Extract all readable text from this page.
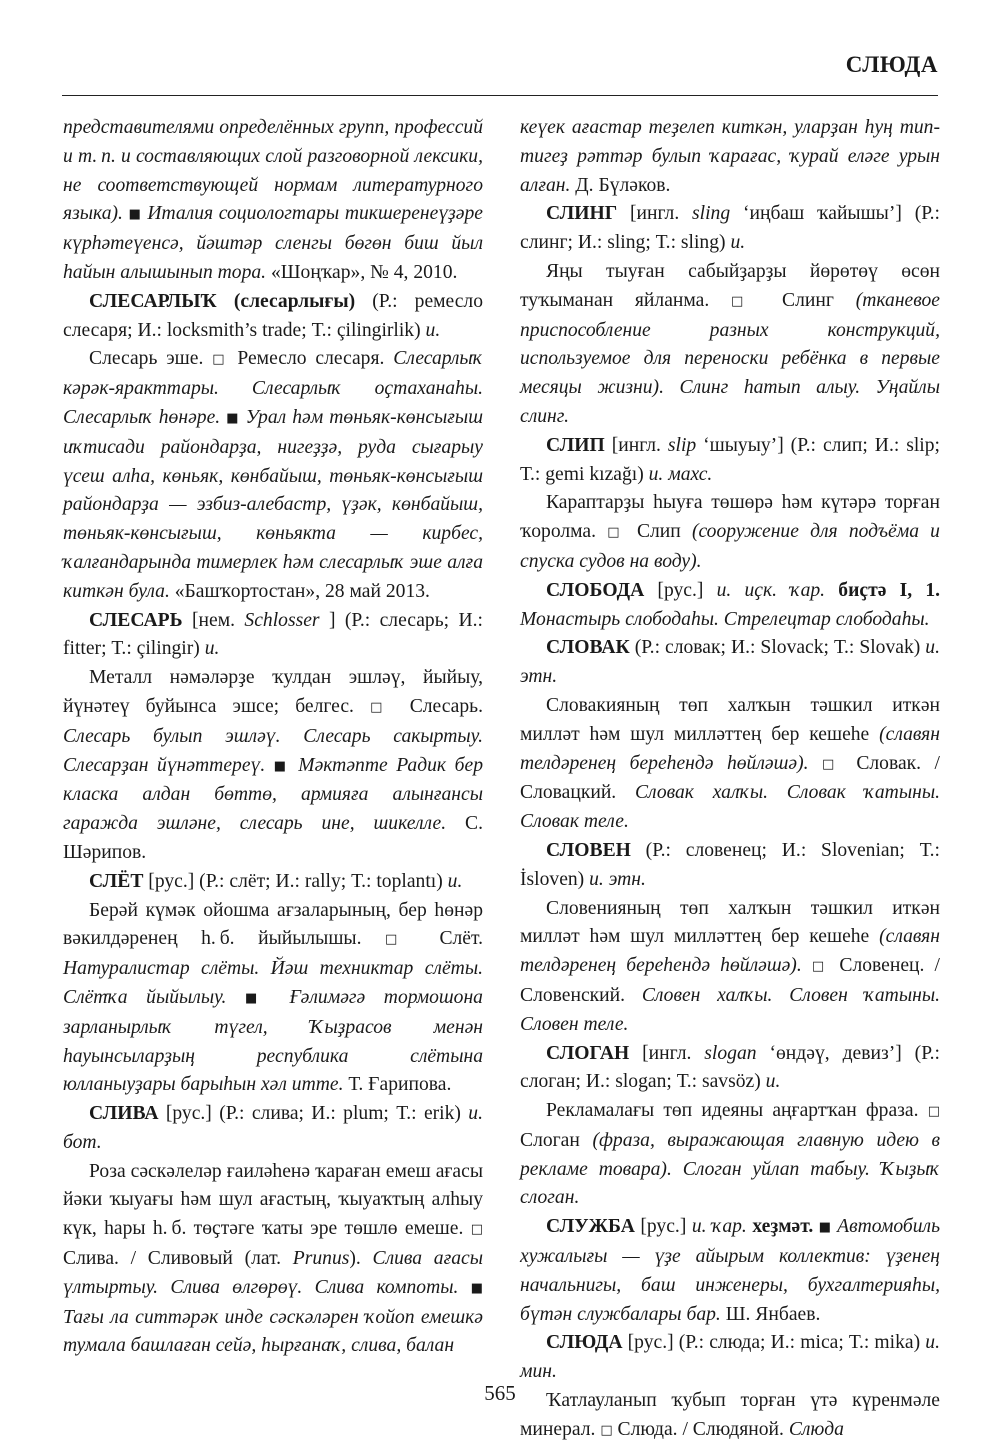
СЛЮДА

представителями определённых групп, профессий и т. п. и составляющих слой разговорной лексики, не соответствующей нормам литературного языка). ■ Италия социологтары тикшеренеүҙәре күрһәтеүенсә, йәштәр сленгы бөгөн биш йыл һайын алышынып тора. «Шоңҡар», № 4, 2010.

СЛЕСАРЛЫҠ (слесарлығы) (Р.: ремесло слесаря; И.: locksmith’s trade; Т.: çilingirlik) и.

Слесарь эше. □ Ремесло слесаря. Слесарлыҡ кәрәк-яракттары. Слесарлыҡ оҫтаханаһы. Слесарлыҡ һөнәре. ■ Урал һәм төньяк-көнсығыш иҡтисади райондарҙа, нигеҙҙә, руда сығарыу үсеш алһа, көньяк, көнбайыш, төньяк-көнсығыш райондарҙа — эзбиз-алебастр, үҙәк, көнбайыш, төньяк-көнсығыш, көньякта — кирбес, ҡалғандарында тимерлек һәм слесарлыҡ эше алға киткән була. «Башҡортостан», 28 май 2013.

СЛЕСАРЬ [нем. Schlosser ] (Р.: слесарь; И.: fitter; Т.: çilingir) и.

Металл нәмәләрҙе ҡулдан эшләү, йыйыу, йүнәтеү буйынса эшсе; белгес. □ Слесарь. Слесарь булып эшләү. Слесарь сакыртыу. Слесарҙан йүнәттереү. ■ Мәктәпте Радик бер класка алдан бөттө, армияға алынғансы гаражда эшләне, слесарь ине, шикелле. С. Шәрипов.

СЛЁТ [рус.] (Р.: слёт; И.: rally; Т.: toplantı) и.

Берәй күмәк ойошма ағзаларының, бер һөнәр вәкилдәренең һ. б. йыйылышы. □ Слёт. Натуралистар слёты. Йәш техниктар слёты. Слётҡа йыйылыу. ■ Ғәлимәгә тормошона зарланырлыҡ түгел, Ҡыҙрасов менән һауынсыларҙың республика слётына юлланыуҙары барыһын хәл итте. Т. Ғарипова.

СЛИВА [рус.] (Р.: слива; И.: plum; Т.: erik) и. бот.

Роза сәскәлеләр ғаиләһенә ҡараған емеш ағасы йәки ҡыуағы һәм шул ағастың, ҡыуаҡтың алһыу күк, һары һ. б. төҫтәге ҡаты эре төшлө емеше. □ Слива. / Сливовый (лат. Prunus). Слива ағасы үлтыртыу. Слива өлгөрөү. Слива компоты. ■ Тағы ла ситтәрәк инде сәскәләрен ҡойоп емешкә тумала башлаған сейә, һырғанаҡ, слива, балан

кеүек ағастар теҙелеп киткән, уларҙан һуң тип-тигеҙ рәттәр булып ҡарағас, ҡурай еләге урын алған. Д. Бүләков.

СЛИНГ [ингл. sling ‘иңбаш ҡайышы’] (Р.: слинг; И.: sling; Т.: sling) и.

Яңы тыуған сабыйҙарҙы йөрөтөү өсөн туҡыманан яйланма. □ Слинг (тканевое приспособление разных конструкций, используемое для переноски ребёнка в первые месяцы жизни). Слинг һатып алыу. Уңайлы слинг.

СЛИП [ингл. slip ‘шыуыу’] (Р.: слип; И.: slip; Т.: gemi kızağı) и. махс.

Караптарҙы һыуға төшөрә һәм күтәрә торған ҡоролма. □ Слип (сооружение для подъёма и спуска судов на воду).

СЛОБОДА [рус.] и. иҫк. ҡар. биҫтә I, 1. Монастырь слободаһы. Стрелецтар слободаһы.

СЛОВАК (Р.: словак; И.: Slovack; Т.: Slovak) и. этн.

Словакияның төп халҡын тәшкил иткән милләт һәм шул милләттең бер кешеһе (славян телдәренең береһендә һөйләшә). □ Словак. / Словацкий. Словак халҡы. Словак ҡатыны. Словак теле.

СЛОВЕН (Р.: словенец; И.: Slovenian; Т.: İsloven) и. этн.

Словенияның төп халҡын тәшкил иткән милләт һәм шул милләттең бер кешеһе (славян телдәренең береһендә һөйләшә). □ Словенец. / Словенский. Словен халҡы. Словен ҡатыны. Словен теле.

СЛОГАН [ингл. slogan ‘өндәү, девиз’] (Р.: слоган; И.: slogan; Т.: savsöz) и.

Рекламалағы төп идеяны аңғартҡан фраза. □ Слоган (фраза, выражающая главную идею в рекламе товара). Слоган уйлап табыу. Ҡыҙыҡ слоган.

СЛУЖБА [рус.] и. ҡар. хеҙмәт. ■ Автомобиль хужалығы — үҙе айырым коллектив: үҙенең начальнигы, баш инженеры, бухгалтерияһы, бүтән службалары бар. Ш. Янбаев.

СЛЮДА [рус.] (Р.: слюда; И.: mica; Т.: mika) и. мин.

Ҡатлауланып ҡубып торған үтә күренмәле минерал. □ Слюда. / Слюдяной. Слюда

565
